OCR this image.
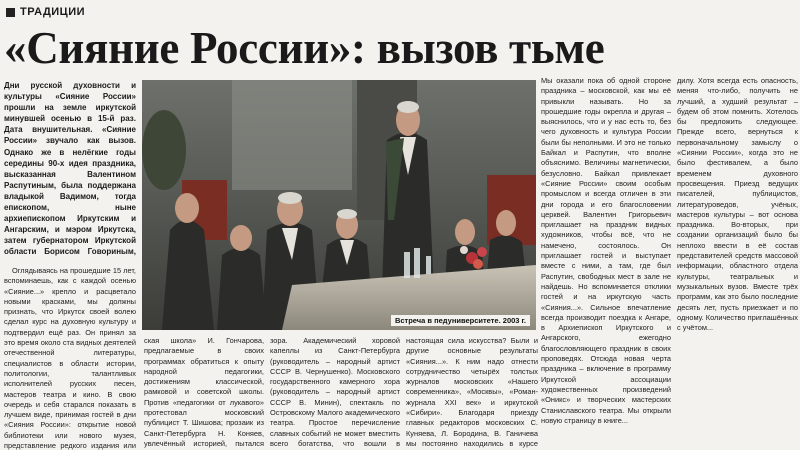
ТРАДИЦИИ
«Сияние России»: вызов тьме
Дни русской духовности и культуры «Сияние России» прошли на земле иркутской минувшей осенью в 15-й раз. Дата внушительная. «Сияние России» звучало как вызов. Однако же в нелёгкие годы середины 90-х идея праздника, высказанная Валентином Распутиным, была поддержана владыкой Вадимом, тогда епископом, ныне архиепископом Иркутским и Ангарским, и мэром Иркутска, затем губернатором Иркутской области Борисом Говориным,

Оглядываясь на прошедшие 15 лет, вспоминаешь, как с каждой осенью «Сияние...» крепло и расцветало новыми красками, мы должны признать, что Иркутск своей волею сделал курс на духовную культуру и подтвердил ещё раз. Он принял за это время около ста видных деятелей отечественной литературы, специалистов в области истории, политологии, талантливых исполнителей русских песен, мастеров театра и кино. В свою очередь и себя старался показать в лучшем виде, принимая гостей в дни «Сияния России»: открытие новой библиотеки или нового музея, представление редкого издания или

Встреча в педуниверситете. 2003 г.
ская школа» И. Гончарова, предлагаемые в своих программах обратиться к опыту народной педагогики, достижениям классической, рамковой и советской школы. Против «педагогики от лукавого» протестовал московский публицист Т. Шишова; прозаик из Санкт-Петербурга Н. Коняев, увлечённый историей, пытался
зора. Академический хоровой капеллы из Санкт-Петербурга (руководитель – народный артист СССР В. Чернушенко). Московского государственного камерного хора (руководитель – народный артист СССР В. Минин), спектакль по Островскому Малого академического театра. Простое перечисление славных событий не может вместить всего богатства, что вошли в
настоящая сила искусства? Были и другие основные результаты «Сияния...». К ним надо отнести сотрудничество четырёх толстых журналов московских «Нашего современника», «Москвы», «Роман-журнала XXI век» и иркутской «Сибири». Благодаря приезду главных редакторов московских С. Куняева, Л. Бородина, В. Ганичева мы постоянно находились в курсе
Мы оказали пока об одной стороне праздника – московской, как мы её привыкли называть. Но за прошедшие годы окрепла и другая – выяснилось, что и у нас есть то, без чего духовность и культура России были бы неполными. И это не только Байкал и Распутин, что вполне объяснимо. Величины магнетически, безусловно. Байкал привлекает «Сияние России» своим особым промыслом и всегда отличен в эти дни города и его благословении церквей. Валентин Григорьевич приглашает на праздник видных художников, чтобы всё, что не намечено, состоялось. Он приглашает гостей и выступает вместе с ними, а там, где был Распутин, свободных мест в зале не найдешь. Но вспоминается отклики гостей и на иркутскую часть «Сияния...». Сильное впечатление всегда производит поездка к Ангаре, в Архиепископ Иркутского и Ангарского, ежегодно благословляющего праздник в своих проповедях. Отсюда новая черта праздника – включение в программу Иркутской ассоциации художественных произведений «Оникс» и творческих мастерских Станиславского театра. Мы открыли новую страницу в книге...
дилу. Хотя всегда есть опасность, меняя что-либо, получить не лучший, а худший результат – будем об этом помнить. Хотелось бы предложить следующее. Прежде всего, вернуться к первоначальному замыслу о «Сиянии России», когда это не было фестивалем, а было временем духовного просвещения. Приезд ведущих писателей, публицистов, литературоведов, учёных, мастеров культуры – вот основа праздника. Во-вторых, при создании организаций было бы неплохо ввести в её состав представителей средств массовой информации, областного отдела культуры, театральных и музыкальных вузов. Вместе трёх программ, как это было последние десять лет, пусть приезжает и по одному. Количество приглашённых с учётом...
